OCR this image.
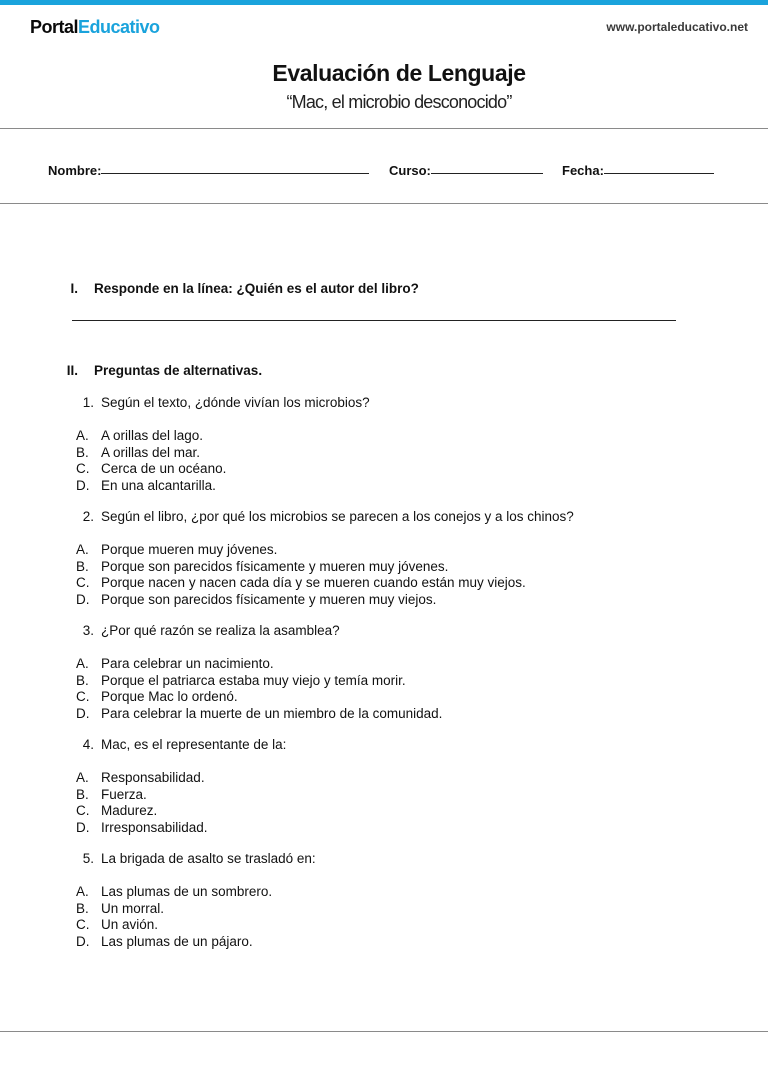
PortalEducativo	www.portaleducativo.net
Evaluación de Lenguaje
“Mac, el microbio desconocido”
Nombre:	Curso:	Fecha:
I. Responde en la línea: ¿Quién es el autor del libro?
II. Preguntas de alternativas.
1. Según el texto, ¿dónde vivían los microbios?
A. A orillas del lago.
B. A orillas del mar.
C. Cerca de un océano.
D. En una alcantarilla.
2. Según el libro, ¿por qué los microbios se parecen a los conejos y a los chinos?
A. Porque mueren muy jóvenes.
B. Porque son parecidos físicamente y mueren muy jóvenes.
C. Porque nacen y nacen cada día y se mueren cuando están muy viejos.
D. Porque son parecidos físicamente y mueren muy viejos.
3. ¿Por qué razón se realiza la asamblea?
A. Para celebrar un nacimiento.
B. Porque el patriarca estaba muy viejo y temía morir.
C. Porque Mac lo ordenó.
D. Para celebrar la muerte de un miembro de la comunidad.
4. Mac, es el representante de la:
A. Responsabilidad.
B. Fuerza.
C. Madurez.
D. Irresponsabilidad.
5. La brigada de asalto se trasladó en:
A. Las plumas de un sombrero.
B. Un morral.
C. Un avión.
D. Las plumas de un pájaro.
